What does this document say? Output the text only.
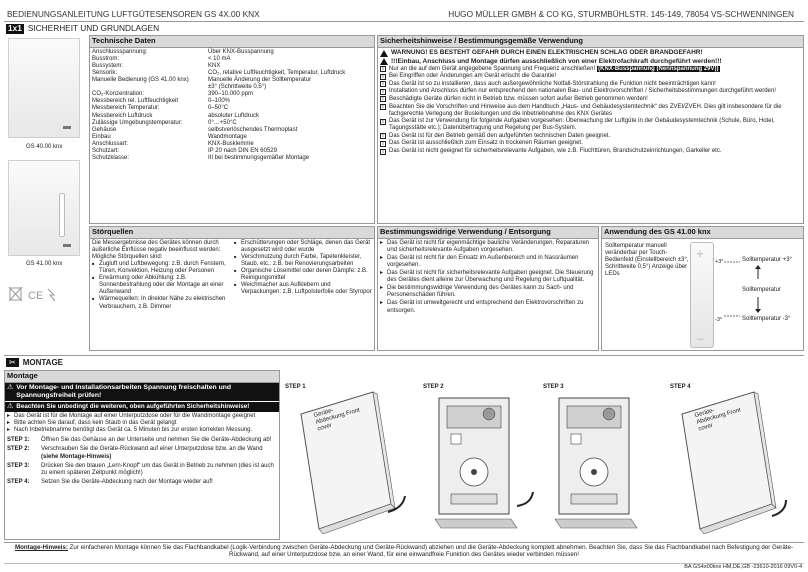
BEDIENUNGSANLEITUNG LUFTGÜTESENSOREN GS 4X.00 KNX	HUGO MÜLLER GMBH & CO KG, STURMBÜHLSTR. 145-149, 78054 VS-SCHWENNINGEN
1x1 SICHERHEIT UND GRUNDLAGEN
GS 40.00 knx
GS 41.00 knx
CE
Technische Daten
Anschlussspannung:	Über KNX-Busspannung
Busstrom:	< 10 mA
Bussystem:	KNX
Sensorik:	CO₂, relative Luftfeuchtigkeit, Temperatur, Luftdruck
Manuelle Bedienung (GS 41.00 knx)	Manuelle Änderung der Solltemperatur
±3° (Schrittweite 0,5°)
CO₂-Konzentration:	390–10.000 ppm
Messbereich rel. Luftfeuchtigkeit	0–100%
Messbereich Temperatur:	0–50°C
Messbereich Luftdruck	absoluter Luftdruck
Zulässige Umgebungstemperatur:	0°…+50°C
Gehäuse	selbstverlöschendes Thermoplast
Einbau	Wandmontage
Anschlussart:	KNX-Busklemme
Schutzart:	IP 20 nach DIN EN 60529
Schutzklasse:	III bei bestimmungsgemäßer Montage
Sicherheitshinweise / Bestimmungsgemäße Verwendung
WARNUNG! ES BESTEHT GEFAHR DURCH EINEN ELEKTRISCHEN SCHLAG ODER BRANDGEFAHR!
!!!Einbau, Anschluss und Montage dürfen ausschließlich von einer Elektrofachkraft durchgeführt werden!!!
! Nur an die auf dem Gerät angegebene Spannung und Frequenz anschließen! (KNX-Busspannung (Nennspannung 29V))
! Bei Eingriffen oder Änderungen am Gerät erlischt die Garantie!
! Das Gerät ist so zu installieren, dass auch außergewöhnliche Notfall-Störstrahlung die Funktion nicht beeinträchtigen kann!
! Installation und Anschluss dürfen nur entsprechend den nationalen Bau- und Elektrovorschriften / Sicherheitsbestimmungen durchgeführt werden!
! Beschädigte Geräte dürfen nicht in Betrieb bzw. müssen sofort außer Betrieb genommen werden!
! Beachten Sie die Vorschriften und Hinweise aus dem Handbuch „Haus- und Gebäudesystemtechnik“ des ZVEI/ZVEH. Dies gilt insbesondere für die fachgerechte Verlegung der Busleitungen und die Inbetriebnahme des KNX Gerätes
! Das Gerät ist zur Verwendung für folgende Aufgaben vorgesehen: Überwachung der Luftgüte in der Gebäudesystemtechnik (Schule, Büro, Hotel, Tagungsstätte etc.); Datenübertragung und Regelung per Bus-System.
! Das Gerät ist für den Betrieb gemäß den aufgeführten technischen Daten geeignet.
! Das Gerät ist ausschließlich zum Einsatz in trockenen Räumen geeignet.
! Das Gerät ist nicht geeignet für sicherheitsrelevante Aufgaben, wie z.B. Fluchttüren, Brandschutzeinrichtungen, Garkeller etc.
Störquellen
Die Messergebnisse des Gerätes können durch äußerliche Einflüsse negativ beeinflusst werden: Mögliche Störquellen sind:
■ Zugluft und Luftbewegung: z.B. durch Fenstern, Türen, Konvektion, Heizung oder Personen
■ Erwärmung oder Abkühlung: z.B. Sonnenbestrahlung oder der Montage an einer Außenwand
■ Wärmequellen: In direkter Nähe zu elektrischen Verbrauchern, z.B. Dimmer
■ Erschütterungen oder Schläge, denen das Gerät ausgesetzt wird oder wurde
■ Verschmutzung durch Farbe, Tapetenkleister, Staub, etc.: z.B. bei Renovierungsarbeiten
■ Organische Lösemittel oder deren Dämpfe: z.B. Reinigungsmittel
■ Weichmacher aus Aufklebern und Verpackungen: z.B. Luftpolsterfolie oder Styropor
Bestimmungswidrige Verwendung / Entsorgung
▸ Das Gerät ist nicht für eigenmächtige bauliche Veränderungen, Reparaturen und sicherheitsrelevante Aufgaben vorgesehen.
▸ Das Gerät ist nicht für den Einsatz im Außenbereich und in Nassräumen vorgesehen.
▸ Das Gerät ist nicht für sicherheitsrelevante Aufgaben geeignet. Die Steuerung des Gerätes dient alleine zur Überwachung und Regelung der Luftqualität.
▸ Die bestimmungswidrige Verwendung des Gerätes kann zu Sach- und Personenschäden führen.
▸ Das Gerät ist umweltgerecht und entsprechend den Elektrovorschriften zu entsorgen.
Anwendung des GS 41.00 knx
Solltemperatur manuell veränderbar per Touch-Bedienfeld (Einstellbereich ±3°, Schrittweite 0,5°) Anzeige über LEDs
+
–
+3°
-3°
Solltemperatur +3°
Solltemperatur
Solltemperatur -3°
✂ MONTAGE
Montage
⚠ Vor Montage- und Installationsarbeiten Spannung freischalten und Spannungsfreiheit prüfen!
⚠ Beachten Sie unbedingt die weiteren, oben aufgeführten Sicherheitshinweise!
▸ Das Gerät ist für die Montage auf einer Unterputzdose oder für die Wandmontage geeignet
▸ Bitte achten Sie darauf, dass kein Staub in das Gerät gelangt
▸ Nach Inbetriebnahme benötigt das Gerät ca. 5 Minuten bis zur ersten korrekten Messung.
STEP 1:	Öffnen Sie das Gehäuse an der Unterseite und nehmen Sie die Geräte-Abdeckung ab!
STEP 2:	Verschrauben Sie die Geräte-Rückwand auf einer Unterputzdose bzw. an die Wand (siehe Montage-Hinweis)
STEP 3:	Drücken Sie den blauen „Lern-Knopf“ um das Gerät in Betrieb zu nehmen (dies ist auch zu einem späteren Zeitpunkt möglich!)
STEP 4:	Setzen Sie die Geräte-Abdeckung nach der Montage wieder auf!
STEP 1
Geräte-Abdeckung Front cover
STEP 2	STEP 3	STEP 4
Geräte-Abdeckung Front cover
Montage-Hinweis: Zur einfacheren Montage können Sie das Flachbandkabel (Logik-Verbindung zwischen Geräte-Abdeckung und Geräte-Rückwand) abziehen und die Geräte-Abdeckung komplett abnehmen. Beachten Sie, dass Sie das Flachbandkabel nach Befestigung der Geräte-Rückwand, auf einer Unterputzdose bzw. an einer Wand, für eine einwandfreie Funktion des Gerätes wieder verbinden müssen!
BA GS4x00knx HM,DE,GB -23610-2016 09V0-4
